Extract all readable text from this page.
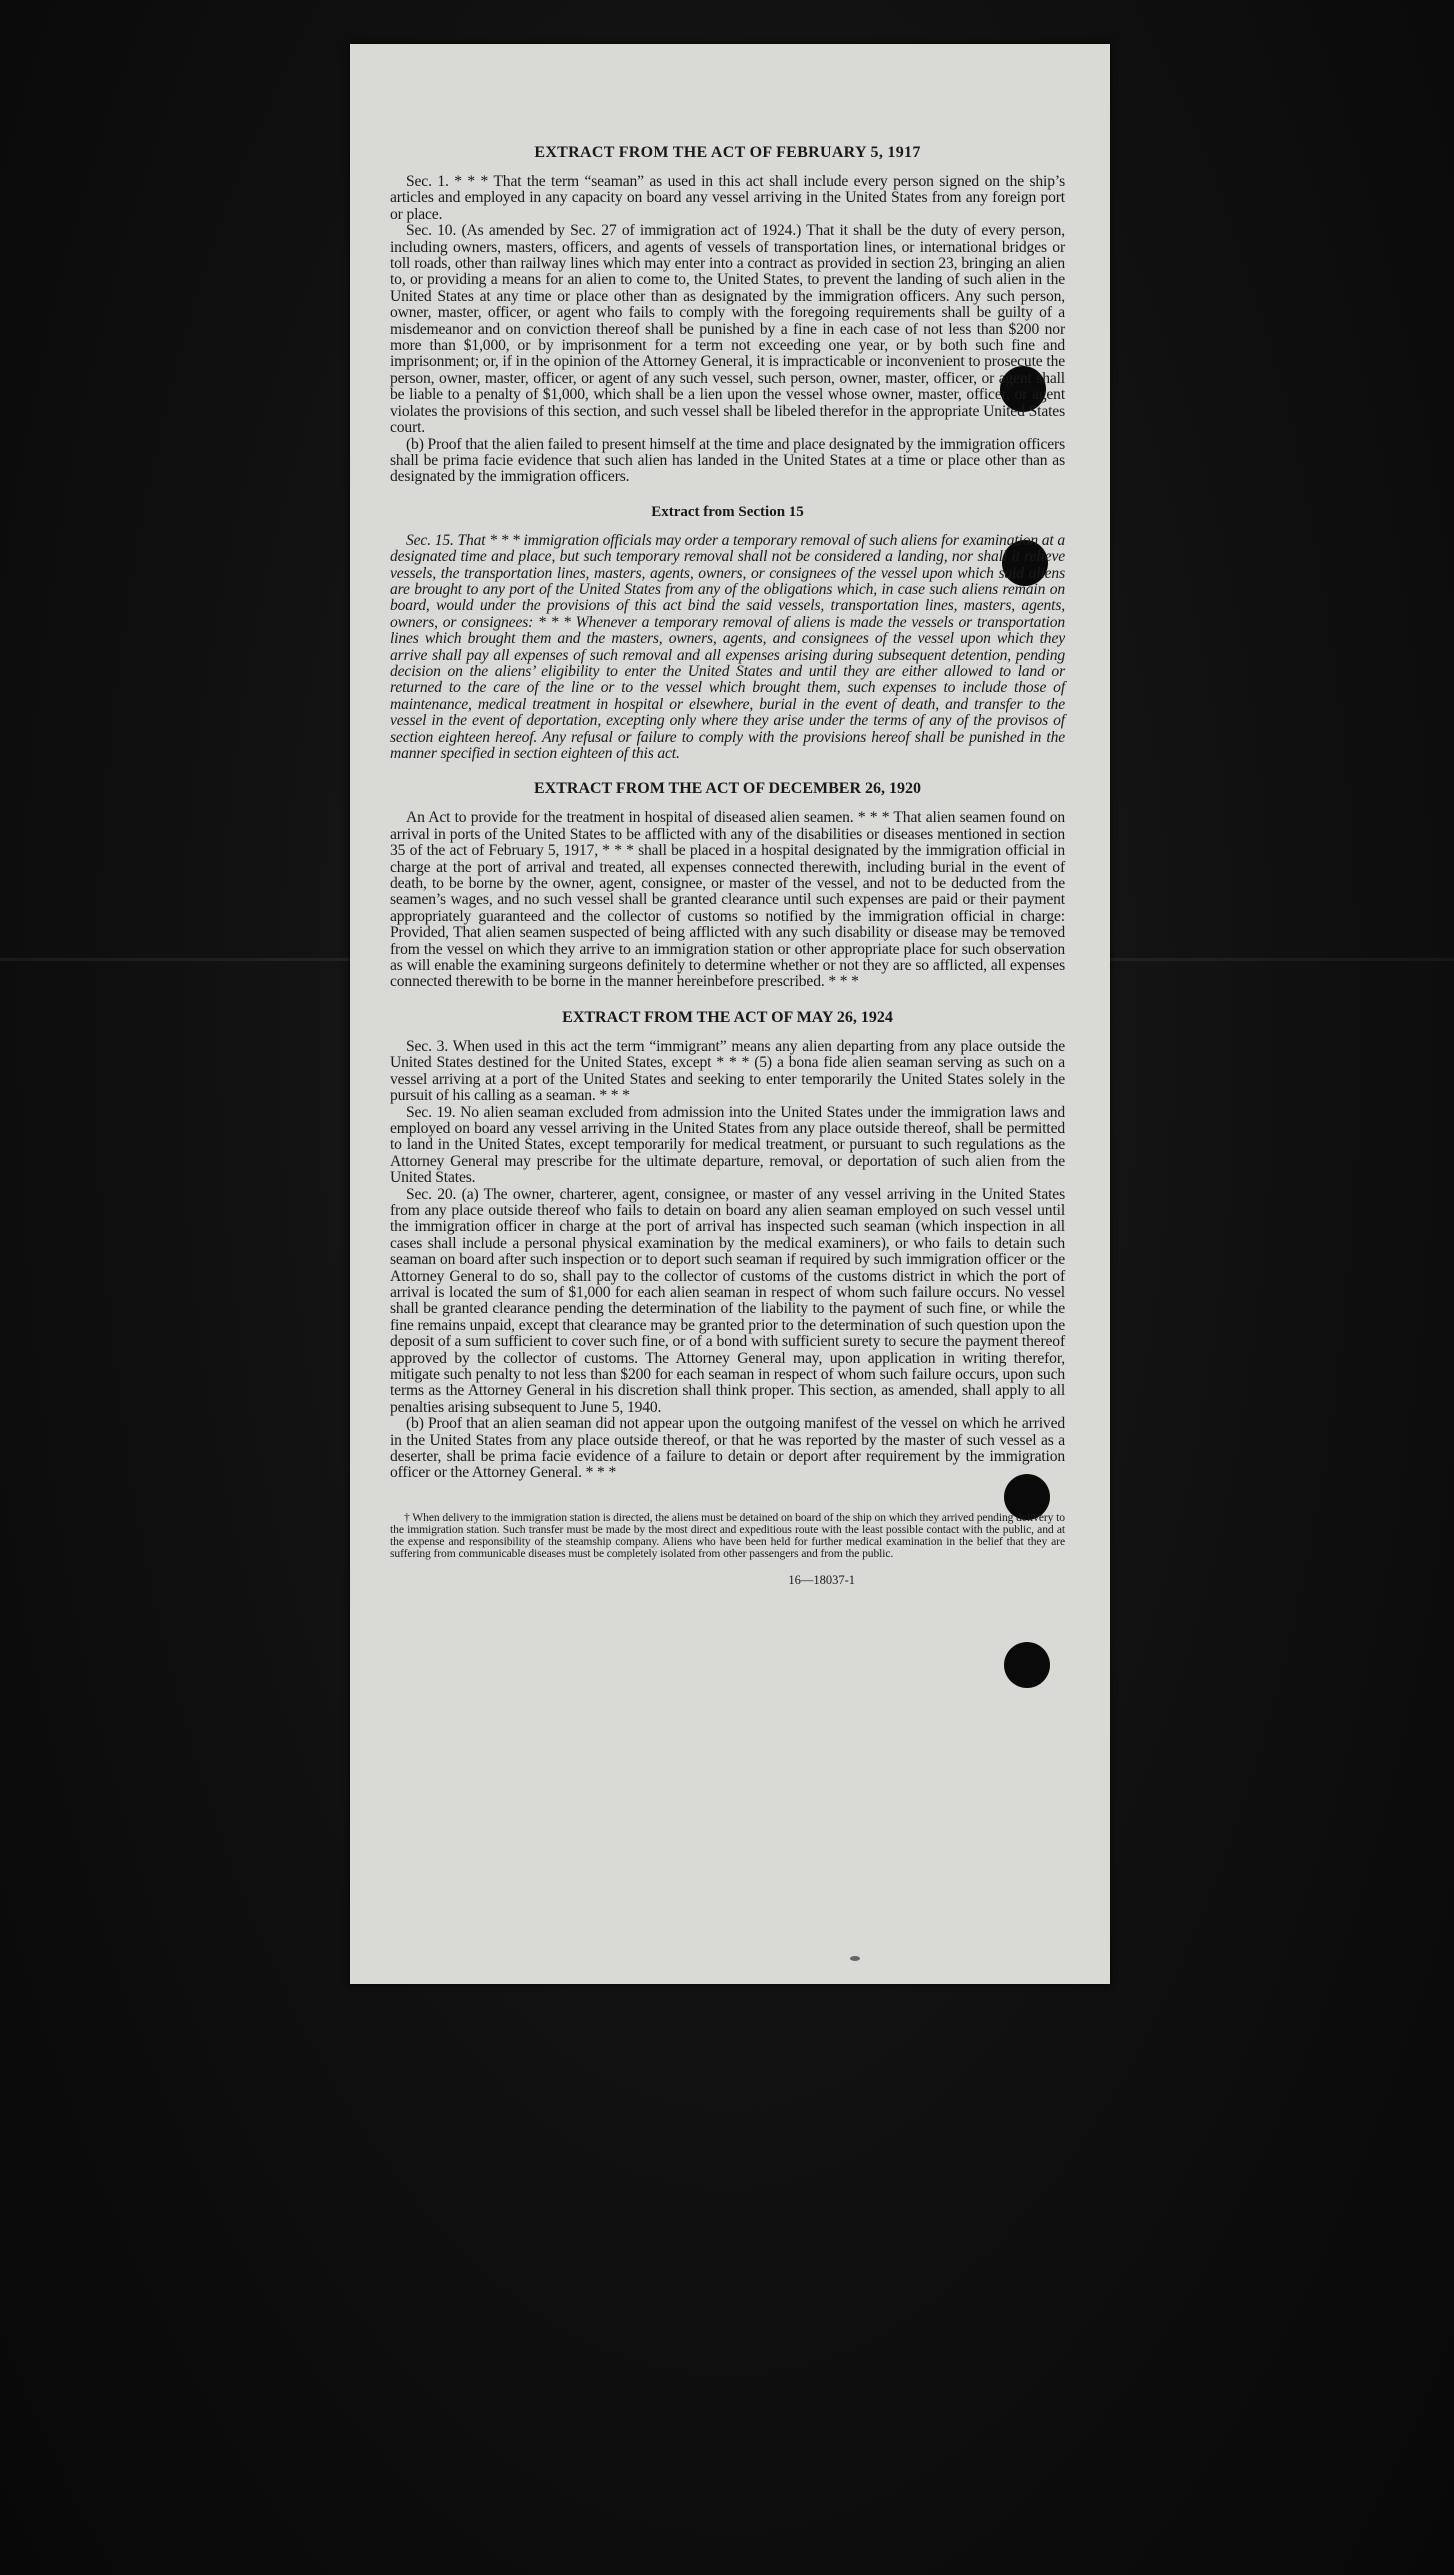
EXTRACT FROM THE ACT OF FEBRUARY 5, 1917

Sec. 1. * * * That the term “seaman” as used in this act shall include every person signed on the ship’s articles and employed in any capacity on board any vessel arriving in the United States from any foreign port or place.

Sec. 10. (As amended by Sec. 27 of immigration act of 1924.) That it shall be the duty of every person, including owners, masters, officers, and agents of vessels of transportation lines, or international bridges or toll roads, other than railway lines which may enter into a contract as provided in section 23, bringing an alien to, or providing a means for an alien to come to, the United States, to prevent the landing of such alien in the United States at any time or place other than as designated by the immigration officers. Any such person, owner, master, officer, or agent who fails to comply with the foregoing requirements shall be guilty of a misdemeanor and on conviction thereof shall be punished by a fine in each case of not less than $200 nor more than $1,000, or by imprisonment for a term not exceeding one year, or by both such fine and imprisonment; or, if in the opinion of the Attorney General, it is impracticable or inconvenient to prosecute the person, owner, master, officer, or agent of any such vessel, such person, owner, master, officer, or agent shall be liable to a penalty of $1,000, which shall be a lien upon the vessel whose owner, master, officer, or agent violates the provisions of this section, and such vessel shall be libeled therefor in the appropriate United States court.

(b) Proof that the alien failed to present himself at the time and place designated by the immigration officers shall be prima facie evidence that such alien has landed in the United States at a time or place other than as designated by the immigration officers.

Extract from Section 15

Sec. 15. That * * * immigration officials may order a temporary removal of such aliens for examination at a designated time and place, but such temporary removal shall not be considered a landing, nor shall it relieve vessels, the transportation lines, masters, agents, owners, or consignees of the vessel upon which said aliens are brought to any port of the United States from any of the obligations which, in case such aliens remain on board, would under the provisions of this act bind the said vessels, transportation lines, masters, agents, owners, or consignees: * * * Whenever a temporary removal of aliens is made the vessels or transportation lines which brought them and the masters, owners, agents, and consignees of the vessel upon which they arrive shall pay all expenses of such removal and all expenses arising during subsequent detention, pending decision on the aliens’ eligibility to enter the United States and until they are either allowed to land or returned to the care of the line or to the vessel which brought them, such expenses to include those of maintenance, medical treatment in hospital or elsewhere, burial in the event of death, and transfer to the vessel in the event of deportation, excepting only where they arise under the terms of any of the provisos of section eighteen hereof. Any refusal or failure to comply with the provisions hereof shall be punished in the manner specified in section eighteen of this act.

EXTRACT FROM THE ACT OF DECEMBER 26, 1920

An Act to provide for the treatment in hospital of diseased alien seamen. * * * That alien seamen found on arrival in ports of the United States to be afflicted with any of the disabilities or diseases mentioned in section 35 of the act of February 5, 1917, * * * shall be placed in a hospital designated by the immigration official in charge at the port of arrival and treated, all expenses connected therewith, including burial in the event of death, to be borne by the owner, agent, consignee, or master of the vessel, and not to be deducted from the seamen’s wages, and no such vessel shall be granted clearance until such expenses are paid or their payment appropriately guaranteed and the collector of customs so notified by the immigration official in charge: Provided, That alien seamen suspected of being afflicted with any such disability or disease may be removed from the vessel on which they arrive to an immigration station or other appropriate place for such observation as will enable the examining surgeons definitely to determine whether or not they are so afflicted, all expenses connected therewith to be borne in the manner hereinbefore prescribed. * * *

EXTRACT FROM THE ACT OF MAY 26, 1924

Sec. 3. When used in this act the term “immigrant” means any alien departing from any place outside the United States destined for the United States, except * * * (5) a bona fide alien seaman serving as such on a vessel arriving at a port of the United States and seeking to enter temporarily the United States solely in the pursuit of his calling as a seaman. * * *

Sec. 19. No alien seaman excluded from admission into the United States under the immigration laws and employed on board any vessel arriving in the United States from any place outside thereof, shall be permitted to land in the United States, except temporarily for medical treatment, or pursuant to such regulations as the Attorney General may prescribe for the ultimate departure, removal, or deportation of such alien from the United States.

Sec. 20. (a) The owner, charterer, agent, consignee, or master of any vessel arriving in the United States from any place outside thereof who fails to detain on board any alien seaman employed on such vessel until the immigration officer in charge at the port of arrival has inspected such seaman (which inspection in all cases shall include a personal physical examination by the medical examiners), or who fails to detain such seaman on board after such inspection or to deport such seaman if required by such immigration officer or the Attorney General to do so, shall pay to the collector of customs of the customs district in which the port of arrival is located the sum of $1,000 for each alien seaman in respect of whom such failure occurs. No vessel shall be granted clearance pending the determination of the liability to the payment of such fine, or while the fine remains unpaid, except that clearance may be granted prior to the determination of such question upon the deposit of a sum sufficient to cover such fine, or of a bond with sufficient surety to secure the payment thereof approved by the collector of customs. The Attorney General may, upon application in writing therefor, mitigate such penalty to not less than $200 for each seaman in respect of whom such failure occurs, upon such terms as the Attorney General in his discretion shall think proper. This section, as amended, shall apply to all penalties arising subsequent to June 5, 1940.

(b) Proof that an alien seaman did not appear upon the outgoing manifest of the vessel on which he arrived in the United States from any place outside thereof, or that he was reported by the master of such vessel as a deserter, shall be prima facie evidence of a failure to detain or deport after requirement by the immigration officer or the Attorney General. * * *

† When delivery to the immigration station is directed, the aliens must be detained on board of the ship on which they arrived pending delivery to the immigration station. Such transfer must be made by the most direct and expeditious route with the least possible contact with the public, and at the expense and responsibility of the steamship company. Aliens who have been held for further medical examination in the belief that they are suffering from communicable diseases must be completely isolated from other passengers and from the public.

16—18037-1
